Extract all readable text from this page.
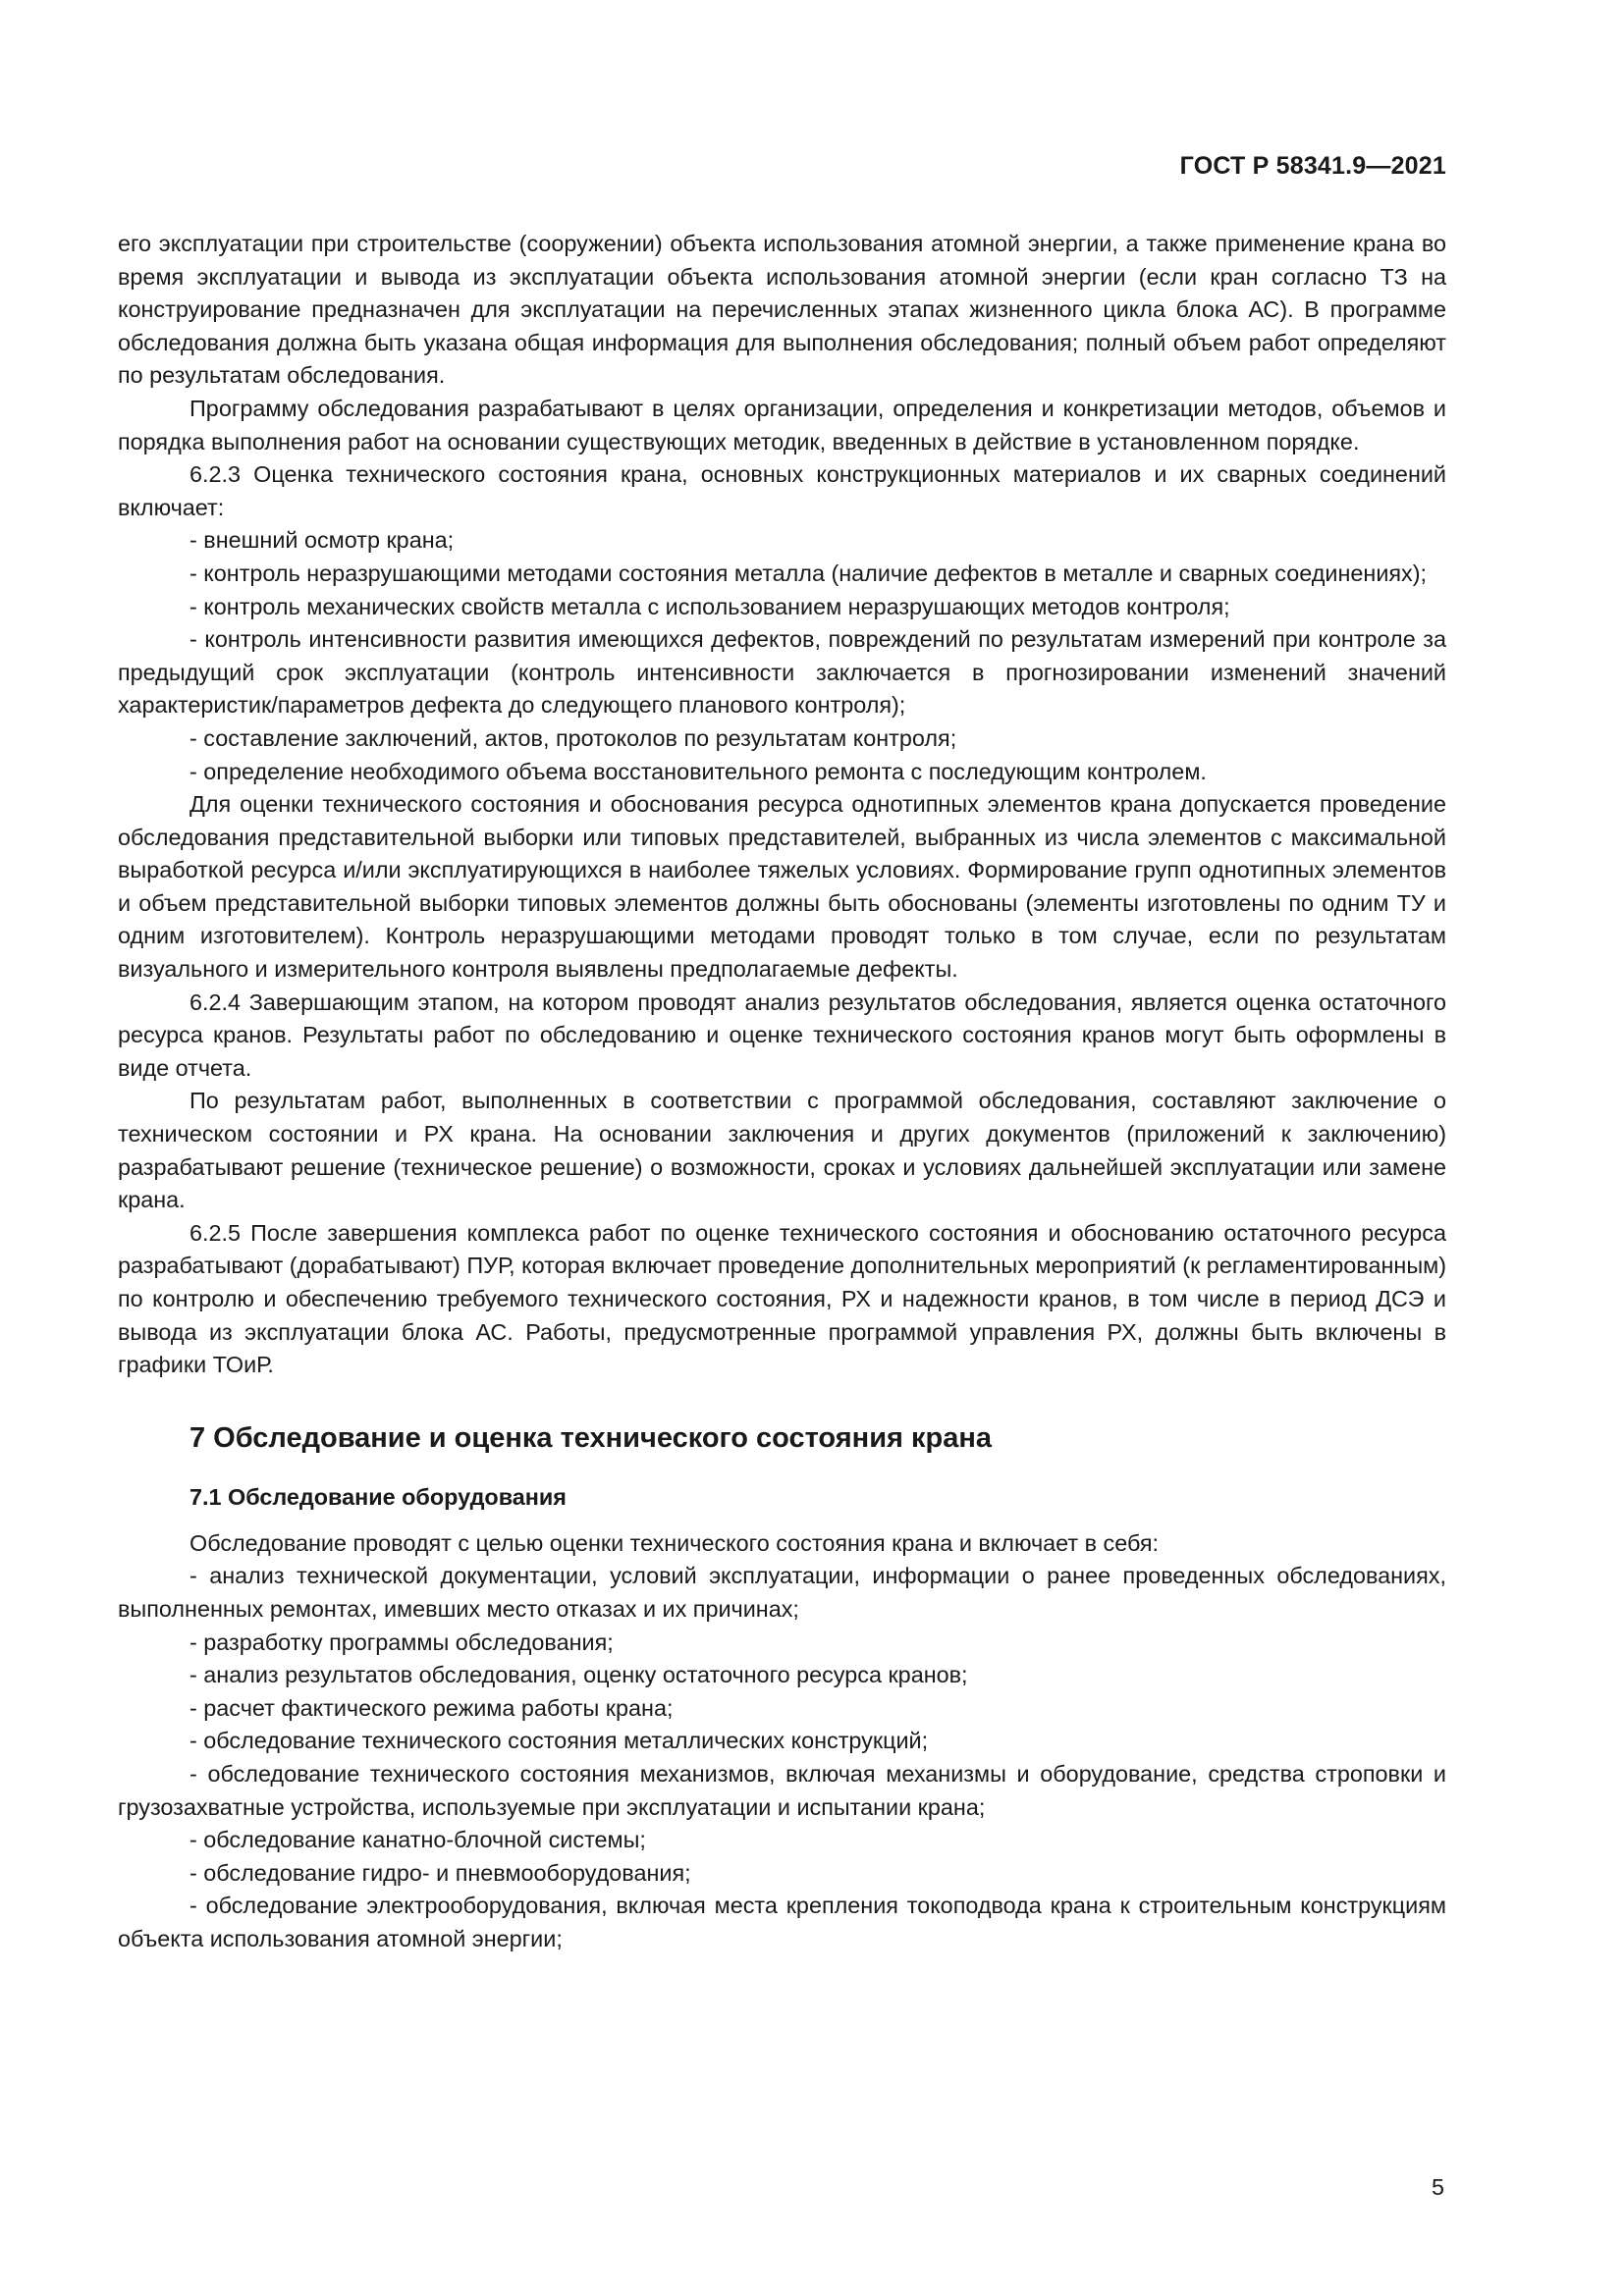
ГОСТ Р 58341.9—2021

его эксплуатации при строительстве (сооружении) объекта использования атомной энергии, а также применение крана во время эксплуатации и вывода из эксплуатации объекта использования атомной энергии (если кран согласно ТЗ на конструирование предназначен для эксплуатации на перечисленных этапах жизненного цикла блока АС). В программе обследования должна быть указана общая информация для выполнения обследования; полный объем работ определяют по результатам обследования.

Программу обследования разрабатывают в целях организации, определения и конкретизации методов, объемов и порядка выполнения работ на основании существующих методик, введенных в действие в установленном порядке.

6.2.3 Оценка технического состояния крана, основных конструкционных материалов и их сварных соединений включает:

- внешний осмотр крана;

- контроль неразрушающими методами состояния металла (наличие дефектов в металле и сварных соединениях);

- контроль механических свойств металла с использованием неразрушающих методов контроля;

- контроль интенсивности развития имеющихся дефектов, повреждений по результатам измерений при контроле за предыдущий срок эксплуатации (контроль интенсивности заключается в прогнозировании изменений значений характеристик/параметров дефекта до следующего планового контроля);

- составление заключений, актов, протоколов по результатам контроля;

- определение необходимого объема восстановительного ремонта с последующим контролем.

Для оценки технического состояния и обоснования ресурса однотипных элементов крана допускается проведение обследования представительной выборки или типовых представителей, выбранных из числа элементов с максимальной выработкой ресурса и/или эксплуатирующихся в наиболее тяжелых условиях. Формирование групп однотипных элементов и объем представительной выборки типовых элементов должны быть обоснованы (элементы изготовлены по одним ТУ и одним изготовителем). Контроль неразрушающими методами проводят только в том случае, если по результатам визуального и измерительного контроля выявлены предполагаемые дефекты.

6.2.4 Завершающим этапом, на котором проводят анализ результатов обследования, является оценка остаточного ресурса кранов. Результаты работ по обследованию и оценке технического состояния кранов могут быть оформлены в виде отчета.

По результатам работ, выполненных в соответствии с программой обследования, составляют заключение о техническом состоянии и РХ крана. На основании заключения и других документов (приложений к заключению) разрабатывают решение (техническое решение) о возможности, сроках и условиях дальнейшей эксплуатации или замене крана.

6.2.5 После завершения комплекса работ по оценке технического состояния и обоснованию остаточного ресурса разрабатывают (дорабатывают) ПУР, которая включает проведение дополнительных мероприятий (к регламентированным) по контролю и обеспечению требуемого технического состояния, РХ и надежности кранов, в том числе в период ДСЭ и вывода из эксплуатации блока АС. Работы, предусмотренные программой управления РХ, должны быть включены в графики ТОиР.

7 Обследование и оценка технического состояния крана
7.1 Обследование оборудования

Обследование проводят с целью оценки технического состояния крана и включает в себя:

- анализ технической документации, условий эксплуатации, информации о ранее проведенных обследованиях, выполненных ремонтах, имевших место отказах и их причинах;

- разработку программы обследования;

- анализ результатов обследования, оценку остаточного ресурса кранов;

- расчет фактического режима работы крана;

- обследование технического состояния металлических конструкций;

- обследование технического состояния механизмов, включая механизмы и оборудование, средства строповки и грузозахватные устройства, используемые при эксплуатации и испытании крана;

- обследование канатно-блочной системы;

- обследование гидро- и пневмооборудования;

- обследование электрооборудования, включая места крепления токоподвода крана к строительным конструкциям объекта использования атомной энергии;

5
